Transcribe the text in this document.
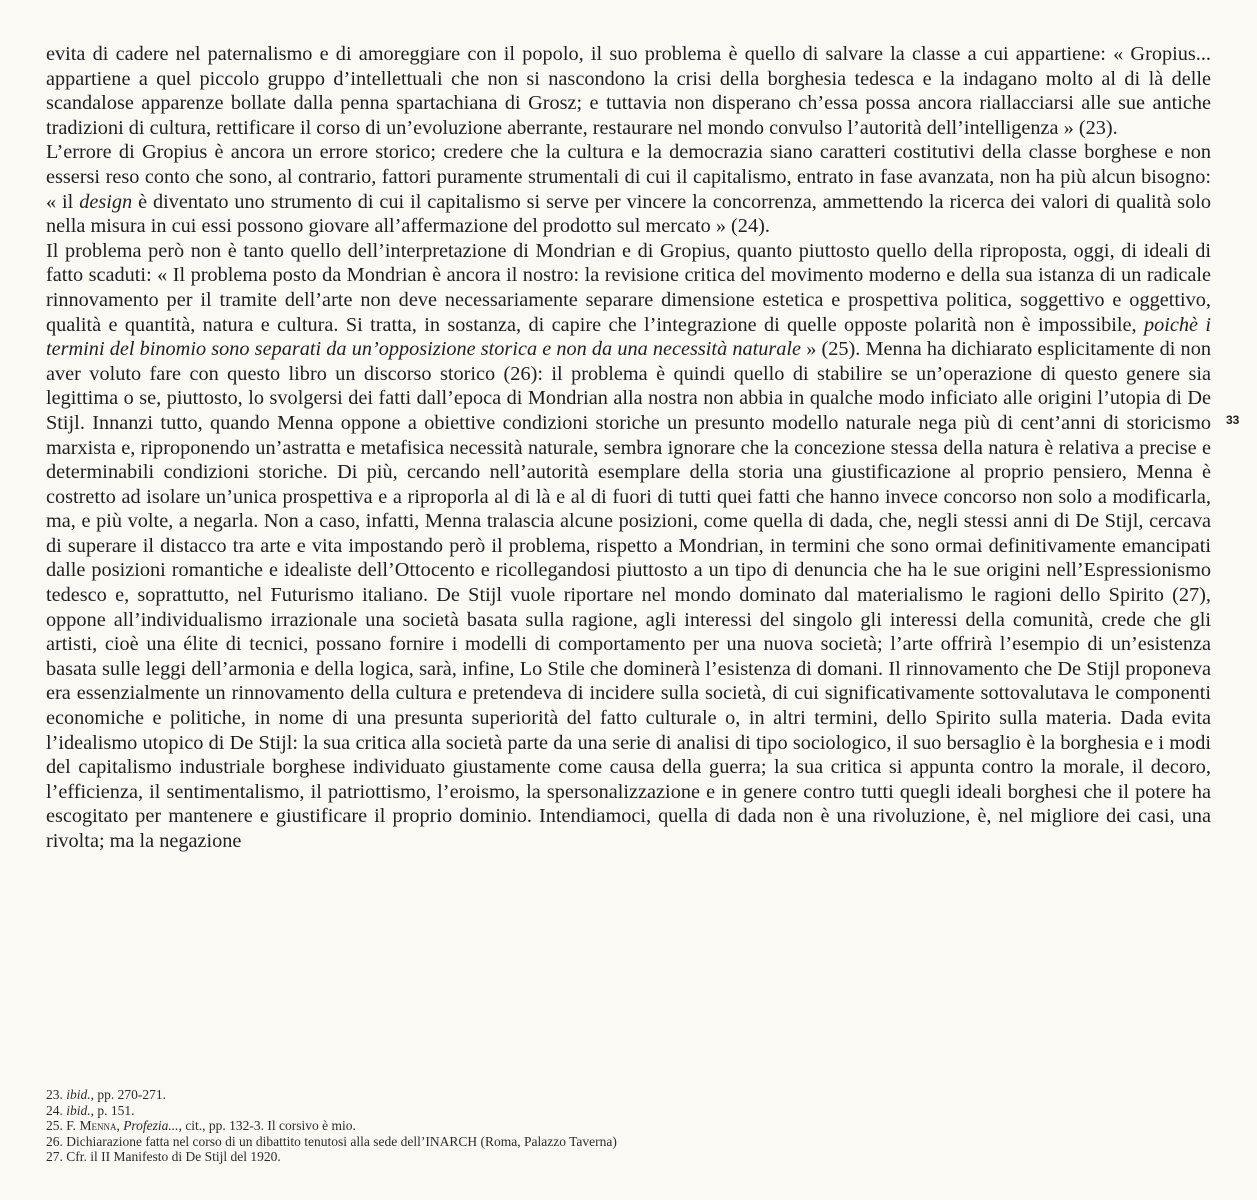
evita di cadere nel paternalismo e di amoreggiare con il popolo, il suo problema è quello di salvare la classe a cui appartiene: « Gropius... appartiene a quel piccolo gruppo d’intellettuali che non si nascondono la crisi della borghesia tedesca e la indagano molto al di là delle scandalose apparenze bollate dalla penna spartachiana di Grosz; e tuttavia non disperano ch’essa possa ancora riallacciarsi alle sue antiche tradizioni di cultura, rettificare il corso di un’evoluzione aberrante, restaurare nel mondo convulso l’autorità dell’intelligenza » (23).

L’errore di Gropius è ancora un errore storico; credere che la cultura e la democrazia siano caratteri costitutivi della classe borghese e non essersi reso conto che sono, al contrario, fattori puramente strumentali di cui il capitalismo, entrato in fase avanzata, non ha più alcun bisogno: « il design è diventato uno strumento di cui il capitalismo si serve per vincere la concorrenza, ammettendo la ricerca dei valori di qualità solo nella misura in cui essi possono giovare all’affermazione del prodotto sul mercato » (24).

Il problema però non è tanto quello dell’interpretazione di Mondrian e di Gropius, quanto piuttosto quello della riproposta, oggi, di ideali di fatto scaduti: « Il problema posto da Mondrian è ancora il nostro: la revisione critica del movimento moderno e della sua istanza di un radicale rinnovamento per il tramite dell’arte non deve necessariamente separare dimensione estetica e prospettiva politica, soggettivo e oggettivo, qualità e quantità, natura e cultura. Si tratta, in sostanza, di capire che l’integrazione di quelle opposte polarità non è impossibile, poichè i termini del binomio sono separati da un’opposizione storica e non da una necessità naturale » (25). Menna ha dichiarato esplicitamente di non aver voluto fare con questo libro un discorso storico (26): il problema è quindi quello di stabilire se un’operazione di questo genere sia legittima o se, piuttosto, lo svolgersi dei fatti dall’epoca di Mondrian alla nostra non abbia in qualche modo inficiato alle origini l’utopia di De Stijl. Innanzi tutto, quando Menna oppone a obiettive condizioni storiche un presunto modello naturale nega più di cent’anni di storicismo marxista e, riproponendo un’astratta e metafisica necessità naturale, sembra ignorare che la concezione stessa della natura è relativa a precise e determinabili condizioni storiche. Di più, cercando nell’autorità esemplare della storia una giustificazione al proprio pensiero, Menna è costretto ad isolare un’unica prospettiva e a riproporla al di là e al di fuori di tutti quei fatti che hanno invece concorso non solo a modificarla, ma, e più volte, a negarla. Non a caso, infatti, Menna tralascia alcune posizioni, come quella di dada, che, negli stessi anni di De Stijl, cercava di superare il distacco tra arte e vita impostando però il problema, rispetto a Mondrian, in termini che sono ormai definitivamente emancipati dalle posizioni romantiche e idealiste dell’Ottocento e ricollegandosi piuttosto a un tipo di denuncia che ha le sue origini nell’Espressionismo tedesco e, soprattutto, nel Futurismo italiano. De Stijl vuole riportare nel mondo dominato dal materialismo le ragioni dello Spirito (27), oppone all’individualismo irrazionale una società basata sulla ragione, agli interessi del singolo gli interessi della comunità, crede che gli artisti, cioè una élite di tecnici, possano fornire i modelli di comportamento per una nuova società; l’arte offrirà l’esempio di un’esistenza basata sulle leggi dell’armonia e della logica, sarà, infine, Lo Stile che dominerà l’esistenza di domani. Il rinnovamento che De Stijl proponeva era essenzialmente un rinnovamento della cultura e pretendeva di incidere sulla società, di cui significativamente sottovalutava le componenti economiche e politiche, in nome di una presunta superiorità del fatto culturale o, in altri termini, dello Spirito sulla materia. Dada evita l’idealismo utopico di De Stijl: la sua critica alla società parte da una serie di analisi di tipo sociologico, il suo bersaglio è la borghesia e i modi del capitalismo industriale borghese individuato giustamente come causa della guerra; la sua critica si appunta contro la morale, il decoro, l’efficienza, il sentimentalismo, il patriottismo, l’eroismo, la spersonalizzazione e in genere contro tutti quegli ideali borghesi che il potere ha escogitato per mantenere e giustificare il proprio dominio. Intendiamoci, quella di dada non è una rivoluzione, è, nel migliore dei casi, una rivolta; ma la negazione

33
23. ibid., pp. 270-271.
24. ibid., p. 151.
25. F. Menna, Profezia..., cit., pp. 132-3. Il corsivo è mio.
26. Dichiarazione fatta nel corso di un dibattito tenutosi alla sede dell’INARCH (Roma, Palazzo Taverna)
27. Cfr. il II Manifesto di De Stijl del 1920.
